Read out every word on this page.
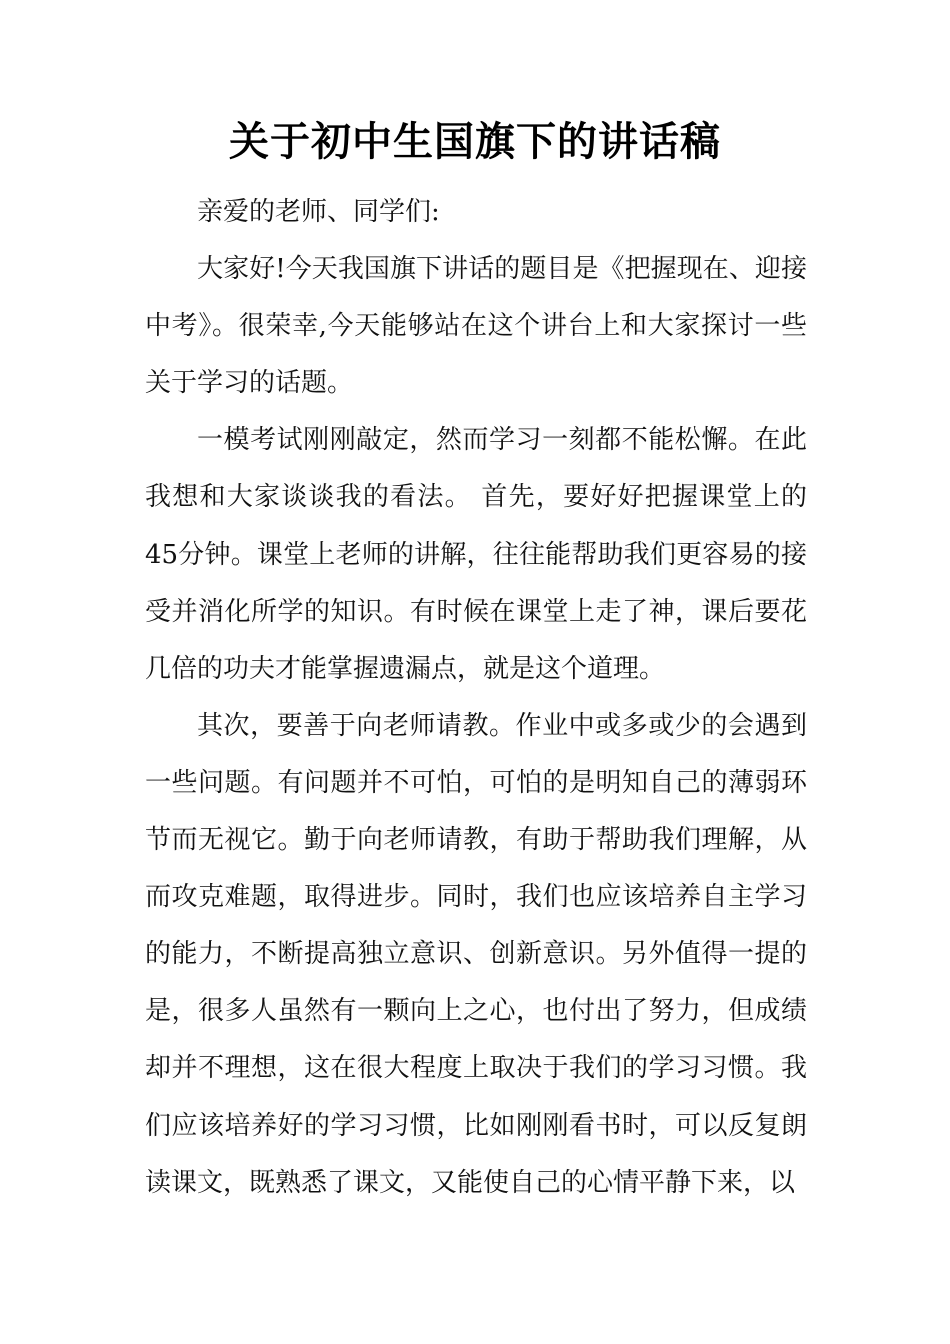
关于初中生国旗下的讲话稿

亲爱的老师、同学们:

大家好!今天我国旗下讲话的题目是《把握现在、迎接中考》。很荣幸,今天能够站在这个讲台上和大家探讨一些关于学习的话题。

一模考试刚刚敲定，然而学习一刻都不能松懈。在此我想和大家谈谈我的看法。 首先，要好好把握课堂上的45分钟。课堂上老师的讲解，往往能帮助我们更容易的接受并消化所学的知识。有时候在课堂上走了神，课后要花几倍的功夫才能掌握遗漏点，就是这个道理。

其次，要善于向老师请教。作业中或多或少的会遇到一些问题。有问题并不可怕，可怕的是明知自己的薄弱环节而无视它。勤于向老师请教，有助于帮助我们理解，从而攻克难题，取得进步。同时，我们也应该培养自主学习的能力，不断提高独立意识、创新意识。另外值得一提的是，很多人虽然有一颗向上之心，也付出了努力，但成绩却并不理想，这在很大程度上取决于我们的学习习惯。我们应该培养好的学习习惯，比如刚刚看书时，可以反复朗读课文，既熟悉了课文，又能使自己的心情平静下来，以
